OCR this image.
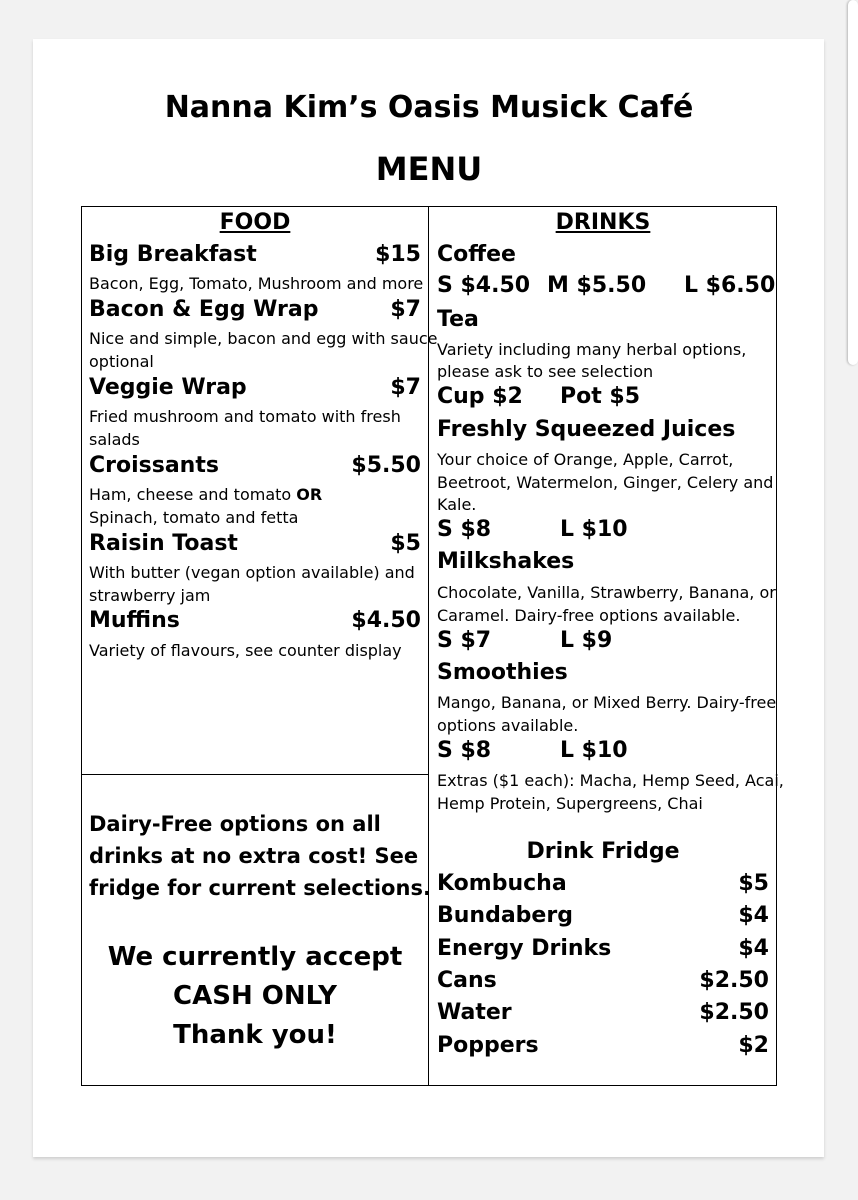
Nanna Kim’s Oasis Musick Café
MENU
FOOD
Big Breakfast	$15
Bacon, Egg, Tomato, Mushroom and more
Bacon & Egg Wrap	$7
Nice and simple, bacon and egg with sauce
optional
Veggie Wrap	$7
Fried mushroom and tomato with fresh
salads
Croissants	$5.50
Ham, cheese and tomato OR
Spinach, tomato and fetta
Raisin Toast	$5
With butter (vegan option available) and
strawberry jam
Muffins	$4.50
Variety of flavours, see counter display
Dairy-Free options on all
drinks at no extra cost! See
fridge for current selections.
We currently accept
CASH ONLY
Thank you!
DRINKS
Coffee
S $4.50 M $5.50 L $6.50
Tea
Variety including many herbal options,
please ask to see selection
Cup $2 Pot $5
Freshly Squeezed Juices
Your choice of Orange, Apple, Carrot,
Beetroot, Watermelon, Ginger, Celery and
Kale.
S $8	L $10
Milkshakes
Chocolate, Vanilla, Strawberry, Banana, or
Caramel. Dairy-free options available.
S $7	L $9
Smoothies
Mango, Banana, or Mixed Berry. Dairy-free
options available.
S $8	L $10
Extras ($1 each): Macha, Hemp Seed, Acai,
Hemp Protein, Supergreens, Chai
Drink Fridge
Kombucha	$5
Bundaberg	$4
Energy Drinks	$4
Cans	$2.50
Water	$2.50
Poppers	$2
